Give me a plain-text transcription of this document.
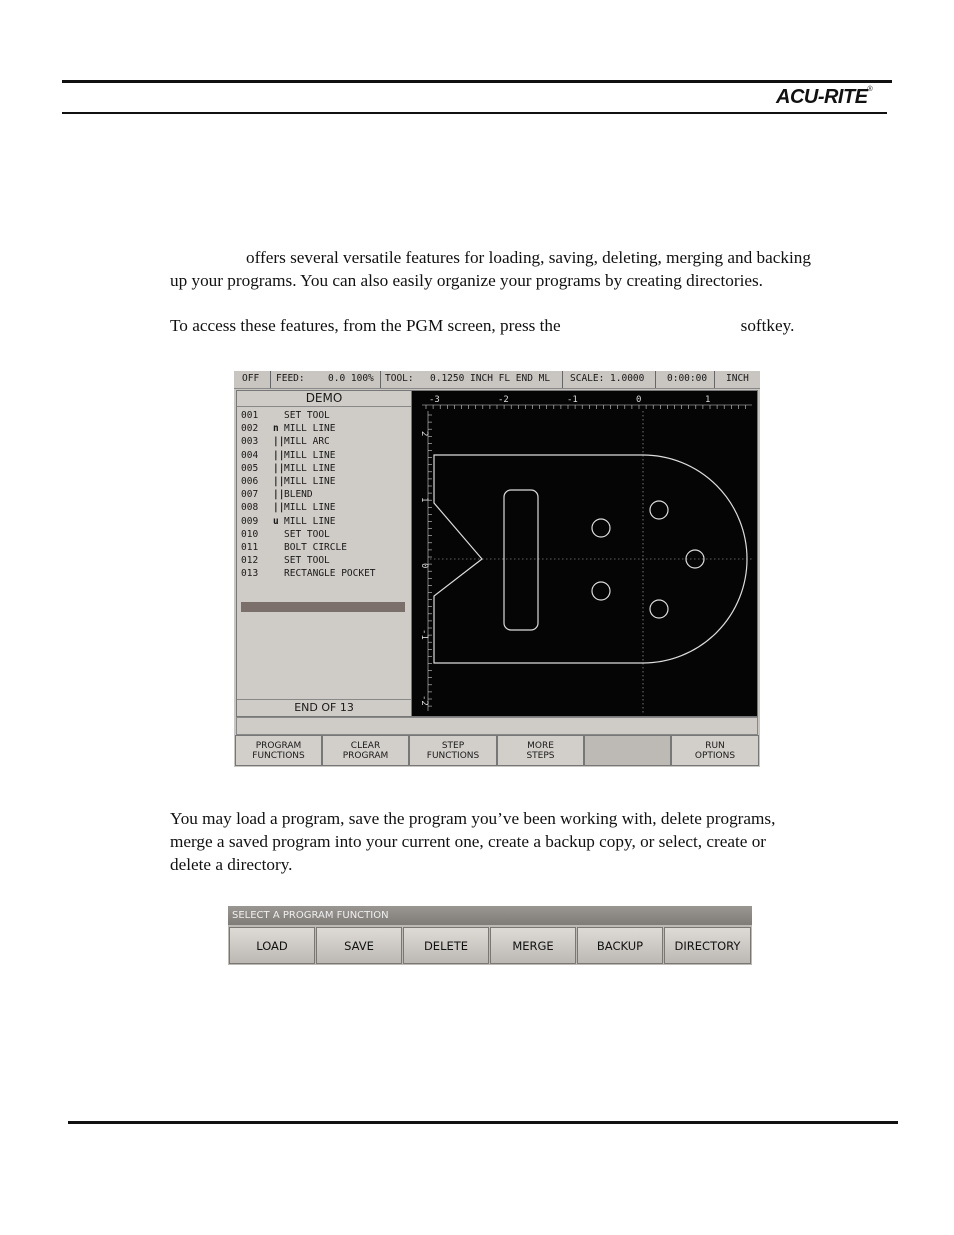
ACU-RITE®

offers several versatile features for loading, saving, deleting, merging and backing
up your programs. You can also easily organize your programs by creating directories.

To access these features, from the PGM screen, press the	softkey.

OFF FEED: 0.0 100% TOOL: 0.1250 INCH FL END ML SCALE: 1.0000 0:00:00 INCH
DEMO
001	SET TOOL
002 n MILL LINE
003 ||MILL ARC
004 ||MILL LINE
005 ||MILL LINE
006 ||MILL LINE
007 ||BLEND
008 ||MILL LINE
009 u MILL LINE
010	SET TOOL
011	BOLT CIRCLE
012	SET TOOL
013	RECTANGLE POCKET
END OF 13
-3	-2	-1	0	1
2
1
0
-1
-2
PROGRAM
FUNCTIONS
CLEAR
PROGRAM
STEP
FUNCTIONS
MORE
STEPS

RUN
OPTIONS

You may load a program, save the program you’ve been working with, delete programs,
merge a saved program into your current one, create a backup copy, or select, create or
delete a directory.

SELECT A PROGRAM FUNCTION
LOAD	SAVE	DELETE	MERGE	BACKUP	DIRECTORY
